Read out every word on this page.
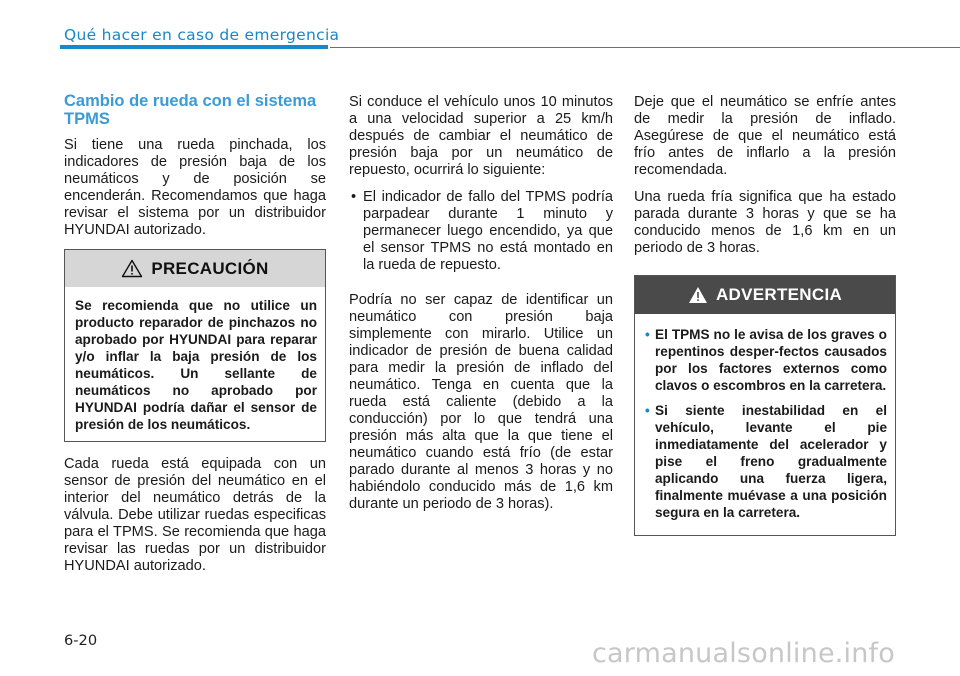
Qué hacer en caso de emergencia
Cambio de rueda con el sistema TPMS

Si tiene una rueda pinchada, los indicadores de presión baja de los neumáticos y de posición se encenderán. Recomendamos que haga revisar el sistema por un distribuidor HYUNDAI autorizado.

PRECAUCIÓN
Se recomienda que no utilice un producto reparador de pinchazos no aprobado por HYUNDAI para reparar y/o inflar la baja presión de los neumáticos. Un sellante de neumáticos no aprobado por HYUNDAI podría dañar el sensor de presión de los neumáticos.

Cada rueda está equipada con un sensor de presión del neumático en el interior del neumático detrás de la válvula. Debe utilizar ruedas especificas para el TPMS. Se recomienda que haga revisar las ruedas por un distribuidor HYUNDAI autorizado.

Si conduce el vehículo unos 10 minutos a una velocidad superior a 25 km/h después de cambiar el neumático de presión baja por un neumático de repuesto, ocurrirá lo siguiente:

• El indicador de fallo del TPMS podría parpadear durante 1 minuto y permanecer luego encendido, ya que el sensor TPMS no está montado en la rueda de repuesto.

Podría no ser capaz de identificar un neumático con presión baja simplemente con mirarlo. Utilice un indicador de presión de buena calidad para medir la presión de inflado del neumático. Tenga en cuenta que la rueda está caliente (debido a la conducción) por lo que tendrá una presión más alta que la que tiene el neumático cuando está frío (de estar parado durante al menos 3 horas y no habiéndolo conducido más de 1,6 km durante un periodo de 3 horas).

Deje que el neumático se enfríe antes de medir la presión de inflado. Asegúrese de que el neumático está frío antes de inflarlo a la presión recomendada.

Una rueda fría significa que ha estado parada durante 3 horas y que se ha conducido menos de 1,6 km en un periodo de 3 horas.

ADVERTENCIA
• El TPMS no le avisa de los graves o repentinos desper-fectos causados por los factores externos como clavos o escombros en la carretera.
• Si siente inestabilidad en el vehículo, levante el pie inmediatamente del acelerador y pise el freno gradualmente aplicando una fuerza ligera, finalmente muévase a una posición segura en la carretera.
6-20	carmanualsonline.info
